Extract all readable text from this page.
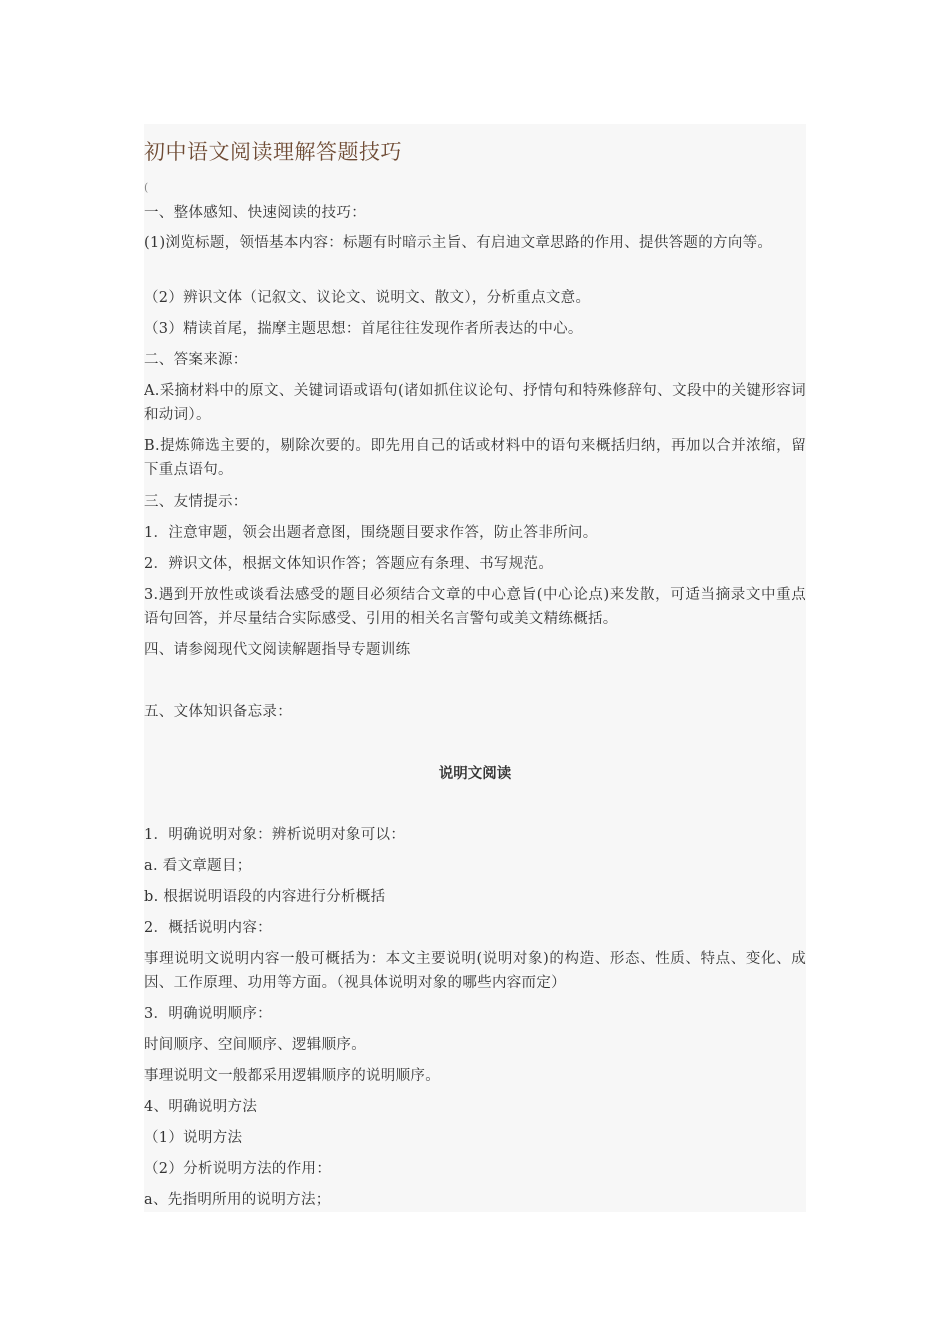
初中语文阅读理解答题技巧
(
一、整体感知、快速阅读的技巧：
(1)浏览标题，领悟基本内容：标题有时暗示主旨、有启迪文章思路的作用、提供答题的方向等。
（2）辨识文体（记叙文、议论文、说明文、散文），分析重点文意。
（3）精读首尾，揣摩主题思想：首尾往往发现作者所表达的中心。
二、答案来源：
A.采摘材料中的原文、关键词语或语句(诸如抓住议论句、抒情句和特殊修辞句、文段中的关键形容词和动词）。
B.提炼筛选主要的，剔除次要的。即先用自己的话或材料中的语句来概括归纳，再加以合并浓缩，留下重点语句。
三、友情提示：
1．注意审题，领会出题者意图，围绕题目要求作答，防止答非所问。
2．辨识文体，根据文体知识作答；答题应有条理、书写规范。
3.遇到开放性或谈看法感受的题目必须结合文章的中心意旨(中心论点)来发散，可适当摘录文中重点语句回答，并尽量结合实际感受、引用的相关名言警句或美文精练概括。
四、请参阅现代文阅读解题指导专题训练
五、文体知识备忘录：
说明文阅读
1．明确说明对象：辨析说明对象可以：
a. 看文章题目；
b. 根据说明语段的内容进行分析概括
2．概括说明内容：
事理说明文说明内容一般可概括为：本文主要说明(说明对象)的构造、形态、性质、特点、变化、成因、工作原理、功用等方面。（视具体说明对象的哪些内容而定）
3．明确说明顺序：
时间顺序、空间顺序、逻辑顺序。
事理说明文一般都采用逻辑顺序的说明顺序。
4、明确说明方法
（1）说明方法
（2）分析说明方法的作用：
a、先指明所用的说明方法；
